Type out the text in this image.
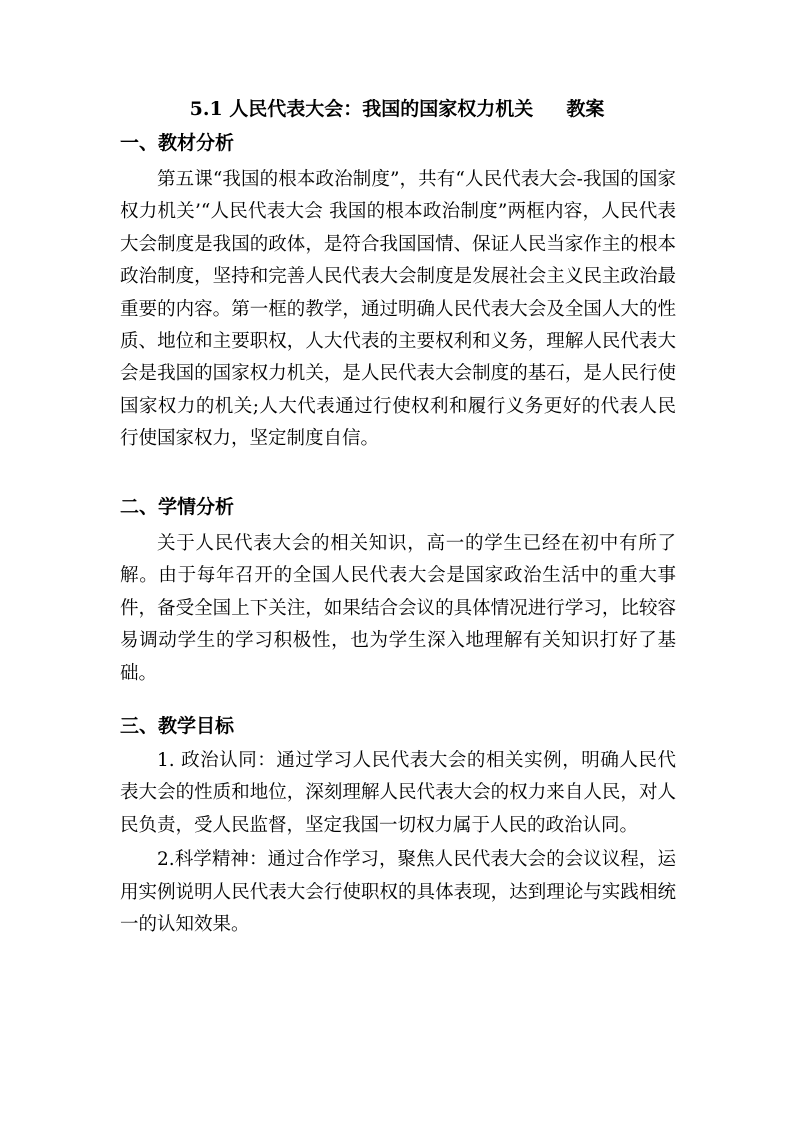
5.1 人民代表大会：我国的国家权力机关     教案
一、教材分析

第五课“我国的根本政治制度”，共有“人民代表大会-我国的国家权力机关’“人民代表大会 我国的根本政治制度”两框内容，人民代表大会制度是我国的政体，是符合我国国情、保证人民当家作主的根本政治制度，坚持和完善人民代表大会制度是发展社会主义民主政治最重要的内容。第一框的教学，通过明确人民代表大会及全国人大的性质、地位和主要职权，人大代表的主要权利和义务，理解人民代表大会是我国的国家权力机关，是人民代表大会制度的基石，是人民行使国家权力的机关;人大代表通过行使权利和履行义务更好的代表人民行使国家权力，坚定制度自信。

二、学情分析

关于人民代表大会的相关知识，高一的学生已经在初中有所了解。由于每年召开的全国人民代表大会是国家政治生活中的重大事件，备受全国上下关注，如果结合会议的具体情况进行学习，比较容易调动学生的学习积极性，也为学生深入地理解有关知识打好了基础。

三、教学目标

1. 政治认同：通过学习人民代表大会的相关实例，明确人民代表大会的性质和地位，深刻理解人民代表大会的权力来自人民，对人民负责，受人民监督，坚定我国一切权力属于人民的政治认同。

2.科学精神：通过合作学习，聚焦人民代表大会的会议议程，运用实例说明人民代表大会行使职权的具体表现，达到理论与实践相统一的认知效果。
